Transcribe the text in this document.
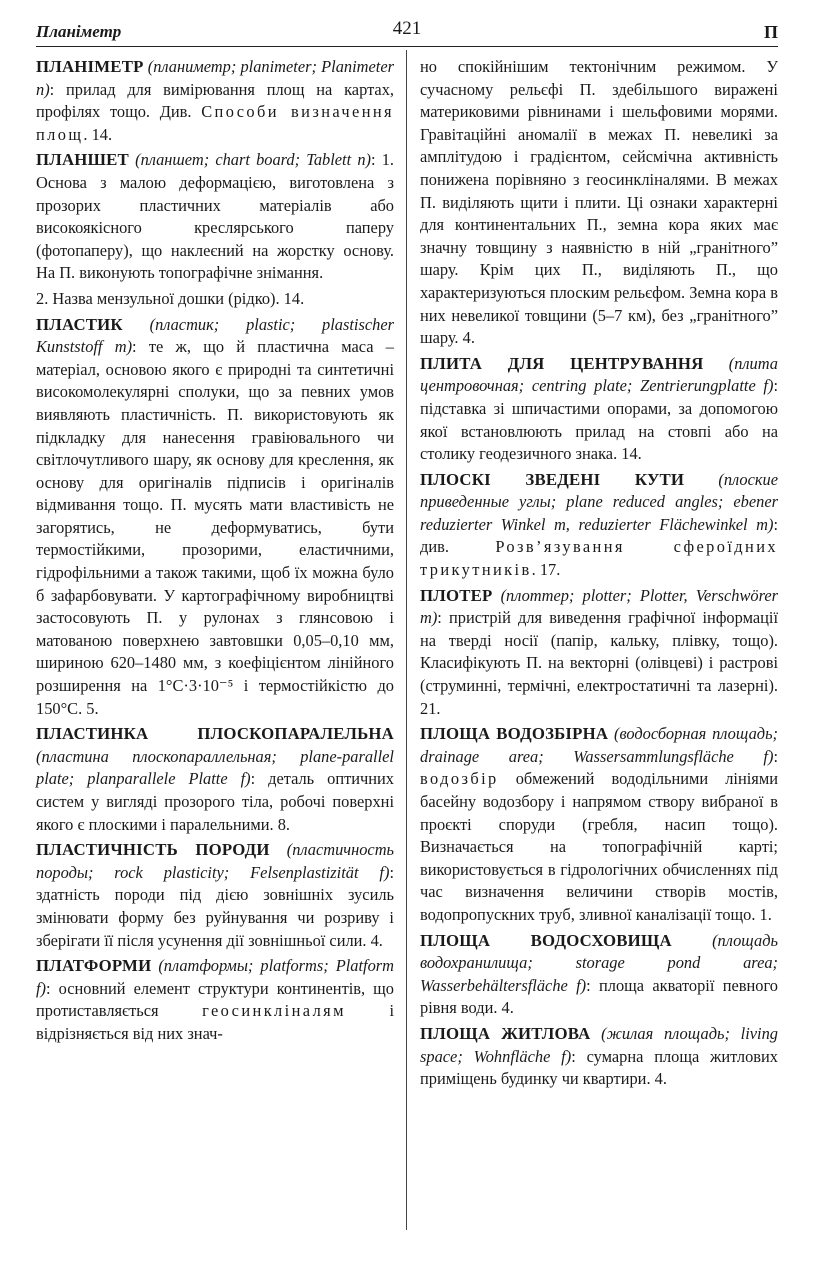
Планіметр	421	П

ПЛАНІМЕТР (планиметр; planimeter; Planimeter n): прилад для вимірювання площ на картах, профілях тощо. Див. Способи визначення площ. 14.

ПЛАНШЕТ (планшет; chart board; Tablett n): 1. Основа з малою деформацією, виготовлена з прозорих пластичних матеріалів або високоякісного креслярського паперу (фотопаперу), що наклеєний на жорстку основу. На П. виконують топографічне знімання.

2. Назва мензульної дошки (рідко). 14.

ПЛАСТИК (пластик; plastic; plastischer Kunststoff m): те ж, що й пластична маса – матеріал, основою якого є природні та синтетичні високомолекулярні сполуки, що за певних умов виявляють пластичність. П. використовують як підкладку для нанесення гравіювального чи світлочутливого шару, як основу для креслення, як основу для оригіналів підписів і оригіналів відмивання тощо. П. мусять мати властивість не загорятись, не деформуватись, бути термостійкими, прозорими, еластичними, гідрофільними а також такими, щоб їх можна було б зафарбовувати. У картографічному виробництві застосовують П. у рулонах з глянсовою і матованою поверхнею завтовшки 0,05–0,10 мм, шириною 620–1480 мм, з коефіцієнтом лінійного розширення на 1°С·3·10⁻⁵ і термостійкістю до 150°С. 5.

ПЛАСТИНКА ПЛОСКОПАРАЛЕЛЬНА (пластина плоскопараллельная; plane-parallel plate; planparallele Platte f): деталь оптичних систем у вигляді прозорого тіла, робочі поверхні якого є плоскими і паралельними. 8.

ПЛАСТИЧНІСТЬ ПОРОДИ (пластичность породы; rock plasticity; Felsenplastizität f): здатність породи під дією зовнішніх зусиль змінювати форму без руйнування чи розриву і зберігати її після усунення дії зовнішньої сили. 4.

ПЛАТФОРМИ (платформы; platforms; Platform f): основний елемент структури континентів, що протиставляється геосинкліналям і відрізняється від них знач-

но спокійнішим тектонічним режимом. У сучасному рельєфі П. здебільшого виражені материковими рівнинами і шельфовими морями. Гравітаційні аномалії в межах П. невеликі за амплітудою і градієнтом, сейсмічна активність понижена порівняно з геосинкліналями. В межах П. виділяють щити і плити. Ці ознаки характерні для континентальних П., земна кора яких має значну товщину з наявністю в ній „гранітного” шару. Крім цих П., виділяють П., що характеризуються плоским рельєфом. Земна кора в них невеликої товщини (5–7 км), без „гранітного” шару. 4.

ПЛИТА ДЛЯ ЦЕНТРУВАННЯ (плита центровочная; centring plate; Zentrierungplatte f): підставка зі шпичастими опорами, за допомогою якої встановлюють прилад на стовпі або на столику геодезичного знака. 14.

ПЛОСКІ ЗВЕДЕНІ КУТИ (плоские приведенные углы; plane reduced angles; ebener reduzierter Winkel m, reduzierter Flächewinkel m): див. Розв’язування сфероїдних трикутників. 17.

ПЛОТЕР (плоттер; plotter; Plotter, Verschwörer m): пристрій для виведення графічної інформації на тверді носії (папір, кальку, плівку, тощо). Класифікують П. на векторні (олівцеві) і растрові (струминні, термічні, електростатичні та лазерні). 21.

ПЛОЩА ВОДОЗБІРНА (водосборная площадь; drainage area; Wassersammlungsfläche f): водозбір обмежений вододільними лініями басейну водозбору і напрямом створу вибраної в проєкті споруди (гребля, насип тощо). Визначається на топографічній карті; використовується в гідрологічних обчисленнях під час визначення величини створів мостів, водопропускних труб, зливної каналізації тощо. 1.

ПЛОЩА ВОДОСХОВИЩА (площадь водохранилища; storage pond area; Wasserbehältersfläche f): площа акваторії певного рівня води. 4.

ПЛОЩА ЖИТЛОВА (жилая площадь; living space; Wohnfläche f): сумарна площа житлових приміщень будинку чи квартири. 4.
